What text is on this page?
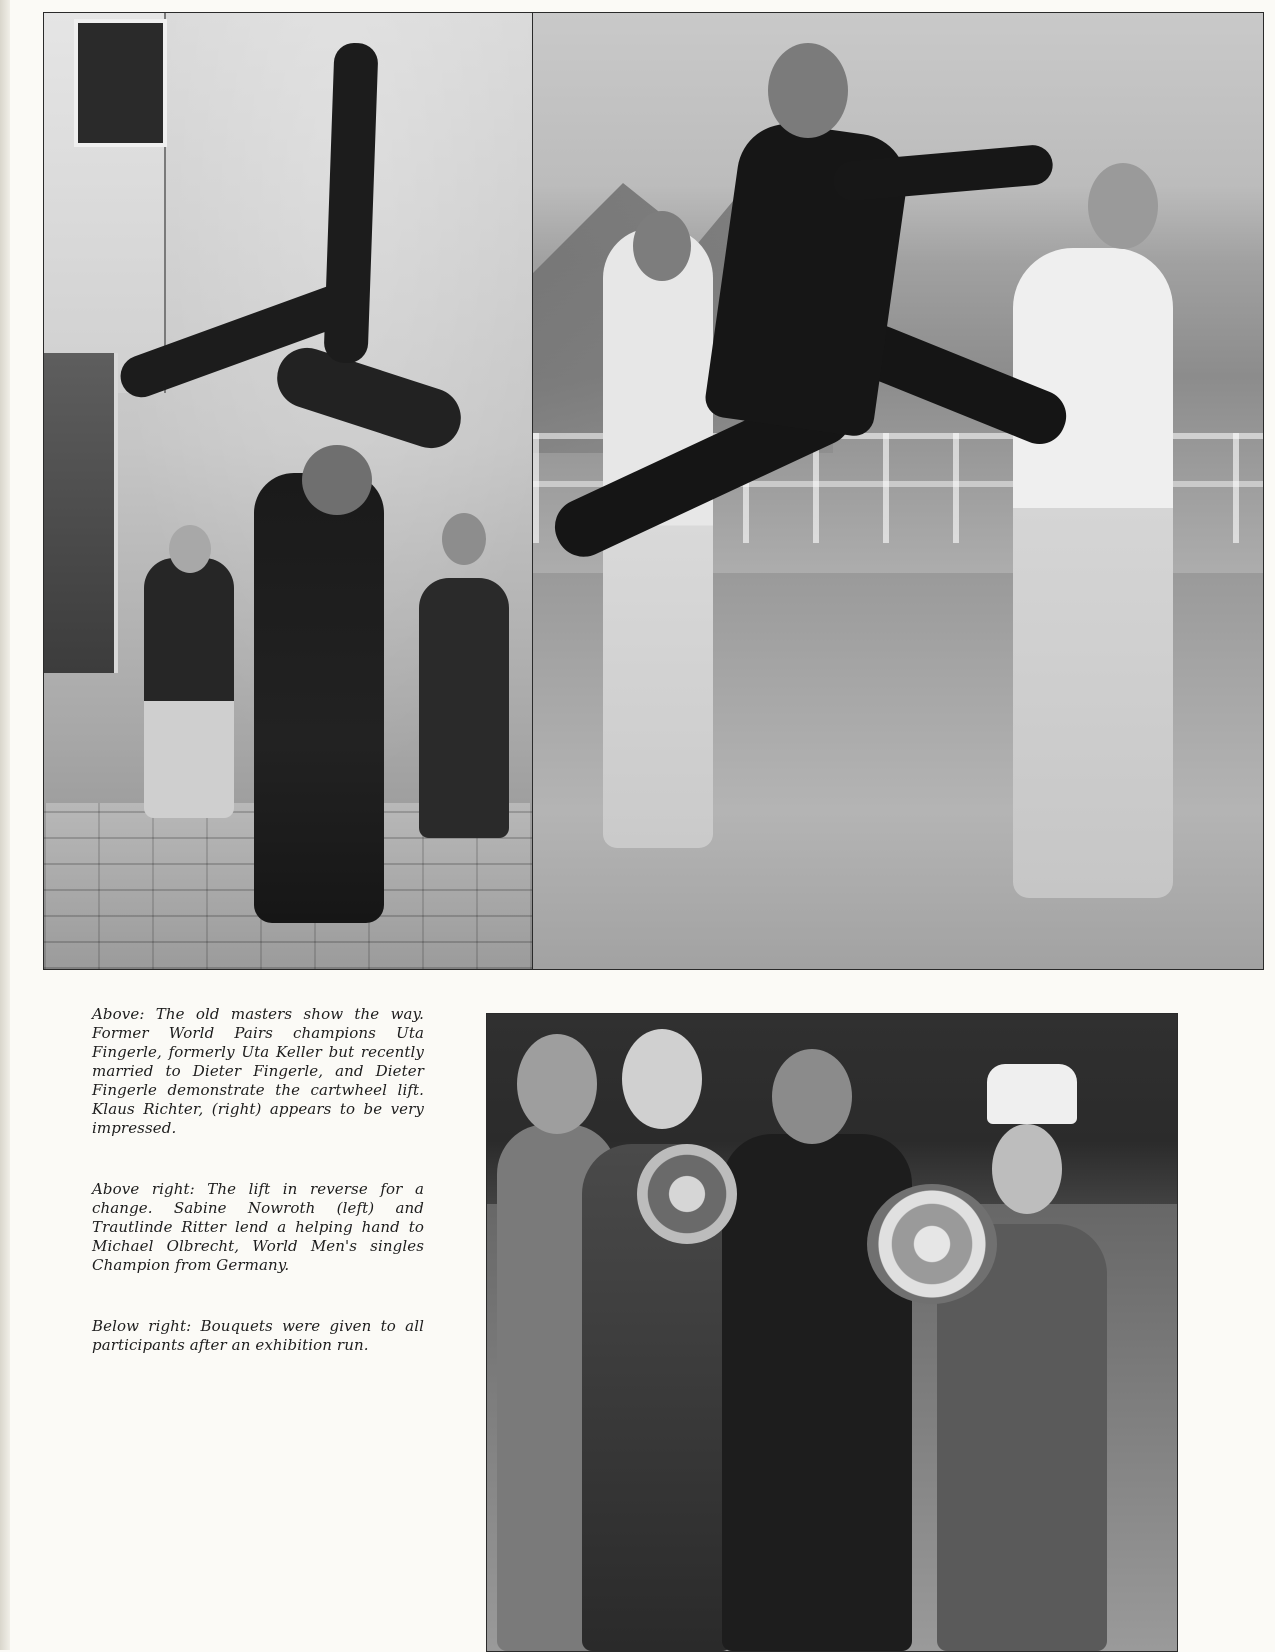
Above: The old masters show the way. Former World Pairs champions Uta Fingerle, formerly Uta Keller but recently married to Dieter Fingerle, and Dieter Fingerle demonstrate the cartwheel lift. Klaus Richter, (right) appears to be very impressed.

Above right: The lift in reverse for a change. Sabine Nowroth (left) and Trautlinde Ritter lend a helping hand to Michael Olbrecht, World Men's singles Champion from Germany.

Below right: Bouquets were given to all participants after an exhibition run.
